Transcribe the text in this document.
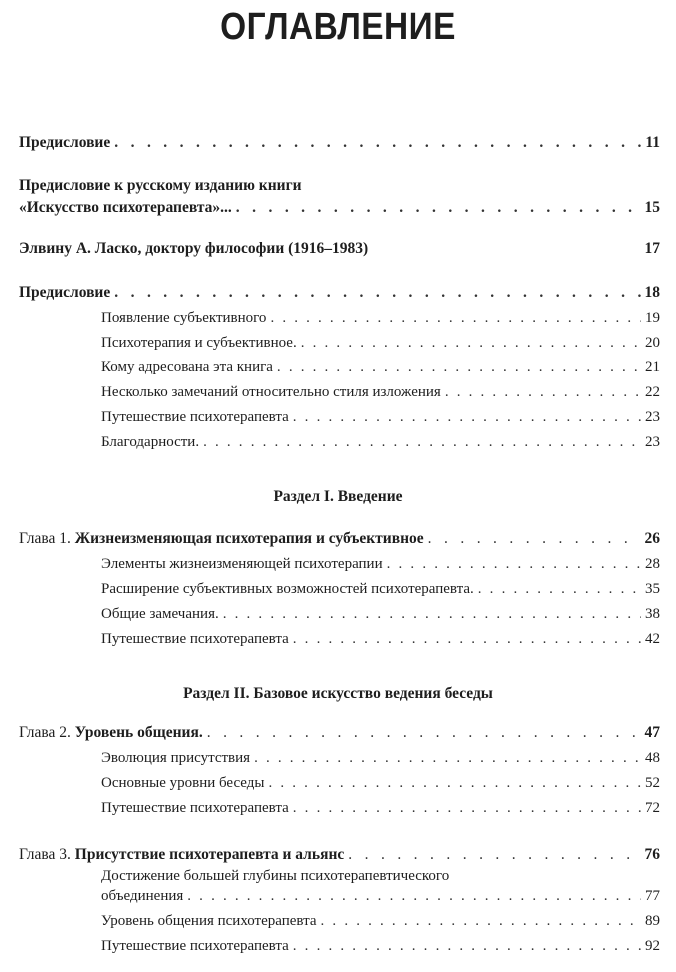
ОГЛАВЛЕНИЕ
Предисловие . . .	11
Предисловие к русскому изданию книги
«Искусство психотерапевта»... . . .	15
Элвину А. Ласко, доктору философии (1916–1983)	17
Предисловие . . .	18
Появление субъективного . . .	19
Психотерапия и субъективное. . . .	20
Кому адресована эта книга . . .	21
Несколько замечаний относительно стиля изложения . . .	22
Путешествие психотерапевта . . .	23
Благодарности. . . .	23
Раздел I. Введение
Глава 1. Жизнеизменяющая психотерапия и субъективное . . .	26
Элементы жизнеизменяющей психотерапии . . .	28
Расширение субъективных возможностей психотерапевта. . . .	35
Общие замечания. . . .	38
Путешествие психотерапевта . . .	42
Раздел II. Базовое искусство ведения беседы
Глава 2. Уровень общения. . . .	47
Эволюция присутствия . . .	48
Основные уровни беседы . . .	52
Путешествие психотерапевта . . .	72
Глава 3. Присутствие психотерапевта и альянс . . .	76
Достижение большей глубины психотерапевтического
объединения . . .	77
Уровень общения психотерапевта . . .	89
Путешествие психотерапевта . . .	92
